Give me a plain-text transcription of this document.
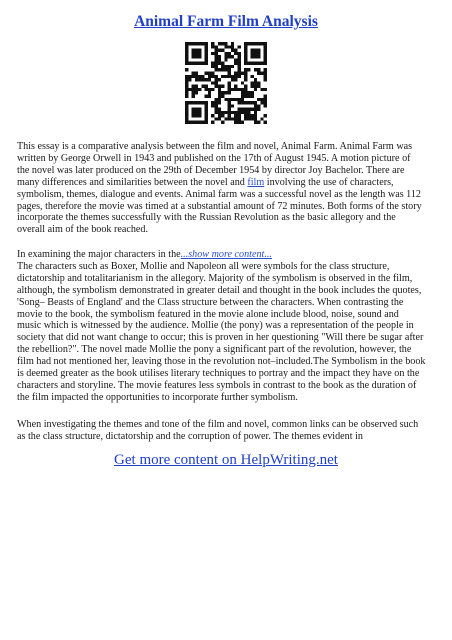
Animal Farm Film Analysis
This essay is a comparative analysis between the film and novel, Animal Farm. Animal Farm was
written by George Orwell in 1943 and published on the 17th of August 1945. A motion picture of
the novel was later produced on the 29th of December 1954 by director Joy Bachelor. There are
many differences and similarities between the novel and film involving the use of characters,
symbolism, themes, dialogue and events. Animal farm was a successful novel as the length was 112
pages, therefore the movie was timed at a substantial amount of 72 minutes. Both forms of the story
incorporate the themes successfully with the Russian Revolution as the basic allegory and the
overall aim of the book reached.
In examining the major characters in the...show more content...
The characters such as Boxer, Mollie and Napoleon all were symbols for the class structure,
dictatorship and totalitarianism in the allegory. Majority of the symbolism is observed in the film,
although, the symbolism demonstrated in greater detail and thought in the book includes the quotes,
'Song– Beasts of England' and the Class structure between the characters. When contrasting the
movie to the book, the symbolism featured in the movie alone include blood, noise, sound and
music which is witnessed by the audience. Mollie (the pony) was a representation of the people in
society that did not want change to occur; this is proven in her questioning "Will there be sugar after
the rebellion?". The novel made Mollie the pony a significant part of the revolution, however, the
film had not mentioned her, leaving those in the revolution not–included.The Symbolism in the book
is deemed greater as the book utilises literary techniques to portray and the impact they have on the
characters and storyline. The movie features less symbols in contrast to the book as the duration of
the film impacted the opportunities to incorporate further symbolism.
When investigating the themes and tone of the film and novel, common links can be observed such
as the class structure, dictatorship and the corruption of power. The themes evident in
Get more content on HelpWriting.net
